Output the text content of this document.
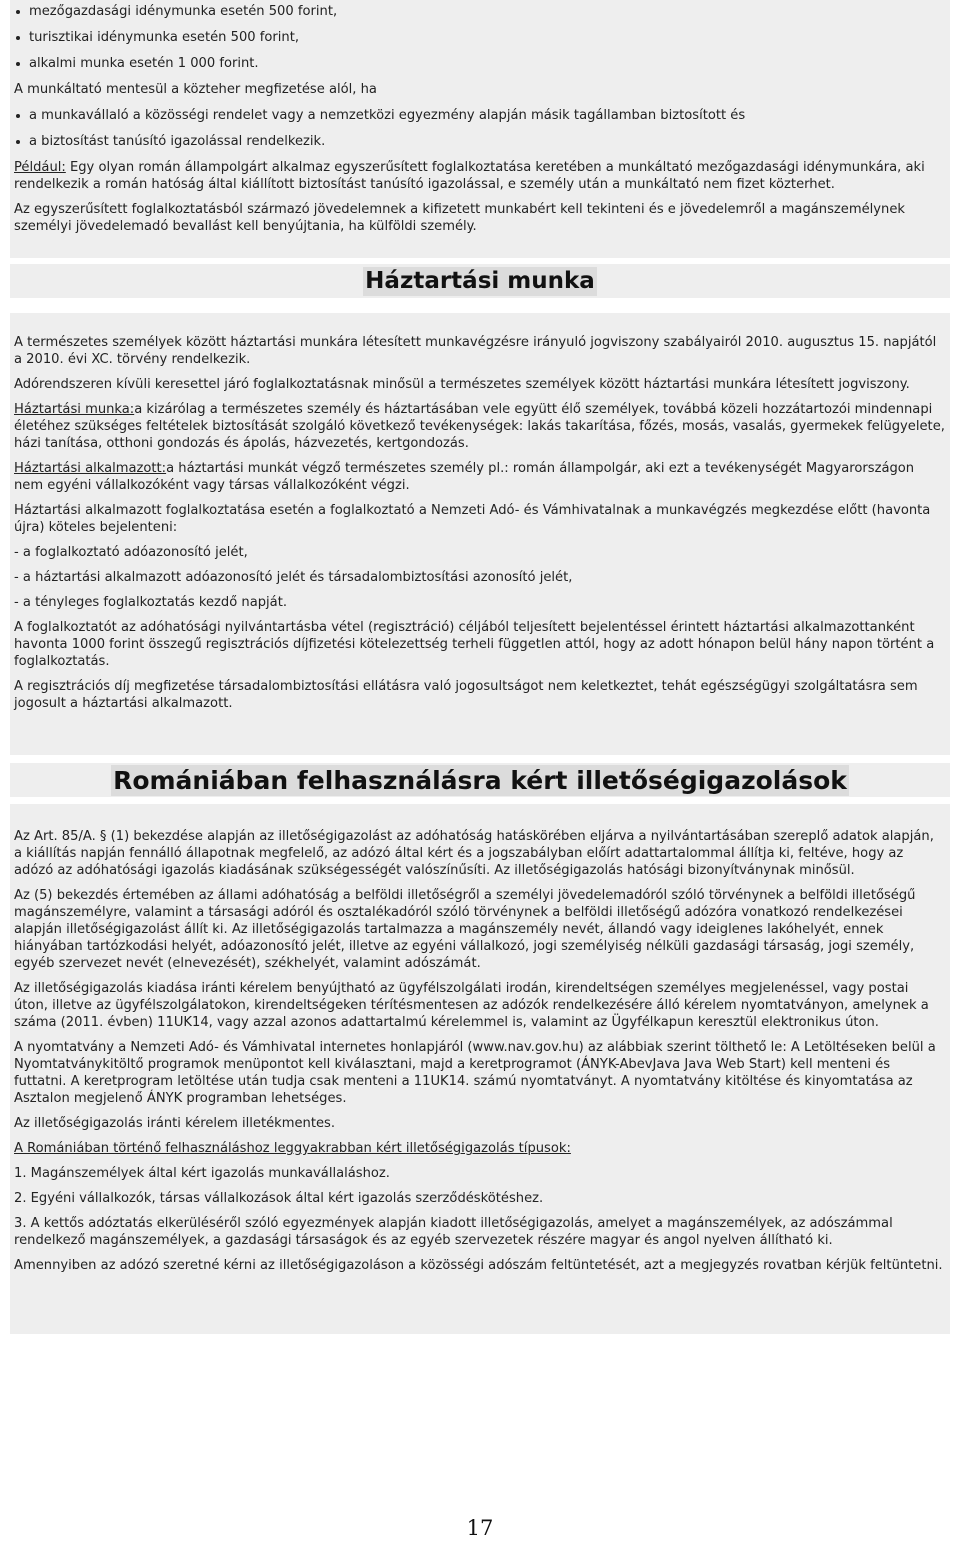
mezőgazdasági idénymunka esetén 500 forint,
turisztikai idénymunka esetén 500 forint,
alkalmi munka esetén 1 000 forint.

A munkáltató mentesül a közteher megfizetése alól, ha

a munkavállaló a közösségi rendelet vagy a nemzetközi egyezmény alapján másik tagállamban biztosított és
a biztosítást tanúsító igazolással rendelkezik.

Például: Egy olyan román állampolgárt alkalmaz egyszerűsített foglalkoztatása keretében a munkáltató mezőgazdasági idénymunkára, aki rendelkezik a román hatóság által kiállított biztosítást tanúsító igazolással, e személy után a munkáltató nem fizet közterhet.

Az egyszerűsített foglalkoztatásból származó jövedelemnek a kifizetett munkabért kell tekinteni és e jövedelemről a magánszemélynek személyi jövedelemadó bevallást kell benyújtania, ha külföldi személy.

Háztartási munka

A természetes személyek között háztartási munkára létesített munkavégzésre irányuló jogviszony szabályairól 2010. augusztus 15. napjától a 2010. évi XC. törvény rendelkezik.

Adórendszeren kívüli keresettel járó foglalkoztatásnak minősül a természetes személyek között háztartási munkára létesített jogviszony.

Háztartási munka:a kizárólag a természetes személy és háztartásában vele együtt élő személyek, továbbá közeli hozzátartozói mindennapi életéhez szükséges feltételek biztosítását szolgáló következő tevékenységek: lakás takarítása, főzés, mosás, vasalás, gyermekek felügyelete, házi tanítása, otthoni gondozás és ápolás, házvezetés, kertgondozás.

Háztartási alkalmazott:a háztartási munkát végző természetes személy pl.: román állampolgár, aki ezt a tevékenységét Magyarországon nem egyéni vállalkozóként vagy társas vállalkozóként végzi.

Háztartási alkalmazott foglalkoztatása esetén a foglalkoztató a Nemzeti Adó- és Vámhivatalnak a munkavégzés megkezdése előtt (havonta újra) köteles bejelenteni:

- a foglalkoztató adóazonosító jelét,

- a háztartási alkalmazott adóazonosító jelét és társadalombiztosítási azonosító jelét,

- a tényleges foglalkoztatás kezdő napját.

A foglalkoztatót az adóhatósági nyilvántartásba vétel (regisztráció) céljából teljesített bejelentéssel érintett háztartási alkalmazottanként havonta 1000 forint összegű regisztrációs díjfizetési kötelezettség terheli független attól, hogy az adott hónapon belül hány napon történt a foglalkoztatás.

A regisztrációs díj megfizetése társadalombiztosítási ellátásra való jogosultságot nem keletkeztet, tehát egészségügyi szolgáltatásra sem jogosult a háztartási alkalmazott.

Romániában felhasználásra kért illetőségigazolások

Az Art. 85/A. § (1) bekezdése alapján az illetőségigazolást az adóhatóság hatáskörében eljárva a nyilvántartásában szereplő adatok alapján, a kiállítás napján fennálló állapotnak megfelelő, az adózó által kért és a jogszabályban előírt adattartalommal állítja ki, feltéve, hogy az adózó az adóhatósági igazolás kiadásának szükségességét valószínűsíti. Az illetőségigazolás hatósági bizonyítványnak minősül.

Az (5) bekezdés értemében az állami adóhatóság a belföldi illetőségről a személyi jövedelemadóról szóló törvénynek a belföldi illetőségű magánszemélyre, valamint a társasági adóról és osztalékadóról szóló törvénynek a belföldi illetőségű adózóra vonatkozó rendelkezései alapján illetőségigazolást állít ki. Az illetőségigazolás tartalmazza a magánszemély nevét, állandó vagy ideiglenes lakóhelyét, ennek hiányában tartózkodási helyét, adóazonosító jelét, illetve az egyéni vállalkozó, jogi személyiség nélküli gazdasági társaság, jogi személy, egyéb szervezet nevét (elnevezését), székhelyét, valamint adószámát.

Az illetőségigazolás kiadása iránti kérelem benyújtható az ügyfélszolgálati irodán, kirendeltségen személyes megjelenéssel, vagy postai úton, illetve az ügyfélszolgálatokon, kirendeltségeken térítésmentesen az adózók rendelkezésére álló kérelem nyomtatványon, amelynek a száma (2011. évben) 11UK14, vagy azzal azonos adattartalmú kérelemmel is, valamint az Ügyfélkapun keresztül elektronikus úton.

A nyomtatvány a Nemzeti Adó- és Vámhivatal internetes honlapjáról (www.nav.gov.hu) az alábbiak szerint tölthető le: A Letöltéseken belül a Nyomtatványkitöltő programok menüpontot kell kiválasztani, majd a keretprogramot (ÁNYK-AbevJava Java Web Start) kell menteni és futtatni. A keretprogram letöltése után tudja csak menteni a 11UK14. számú nyomtatványt. A nyomtatvány kitöltése és kinyomtatása az Asztalon megjelenő ÁNYK programban lehetséges.

Az illetőségigazolás iránti kérelem illetékmentes.

A Romániában történő felhasználáshoz leggyakrabban kért illetőségigazolás típusok:

1. Magánszemélyek által kért igazolás munkavállaláshoz.

2. Egyéni vállalkozók, társas vállalkozások által kért igazolás szerződéskötéshez.

3. A kettős adóztatás elkerüléséről szóló egyezmények alapján kiadott illetőségigazolás, amelyet a magánszemélyek, az adószámmal rendelkező magánszemélyek, a gazdasági társaságok és az egyéb szervezetek részére magyar és angol nyelven állítható ki.

Amennyiben az adózó szeretné kérni az illetőségigazoláson a közösségi adószám feltüntetését, azt a megjegyzés rovatban kérjük feltüntetni.

17
